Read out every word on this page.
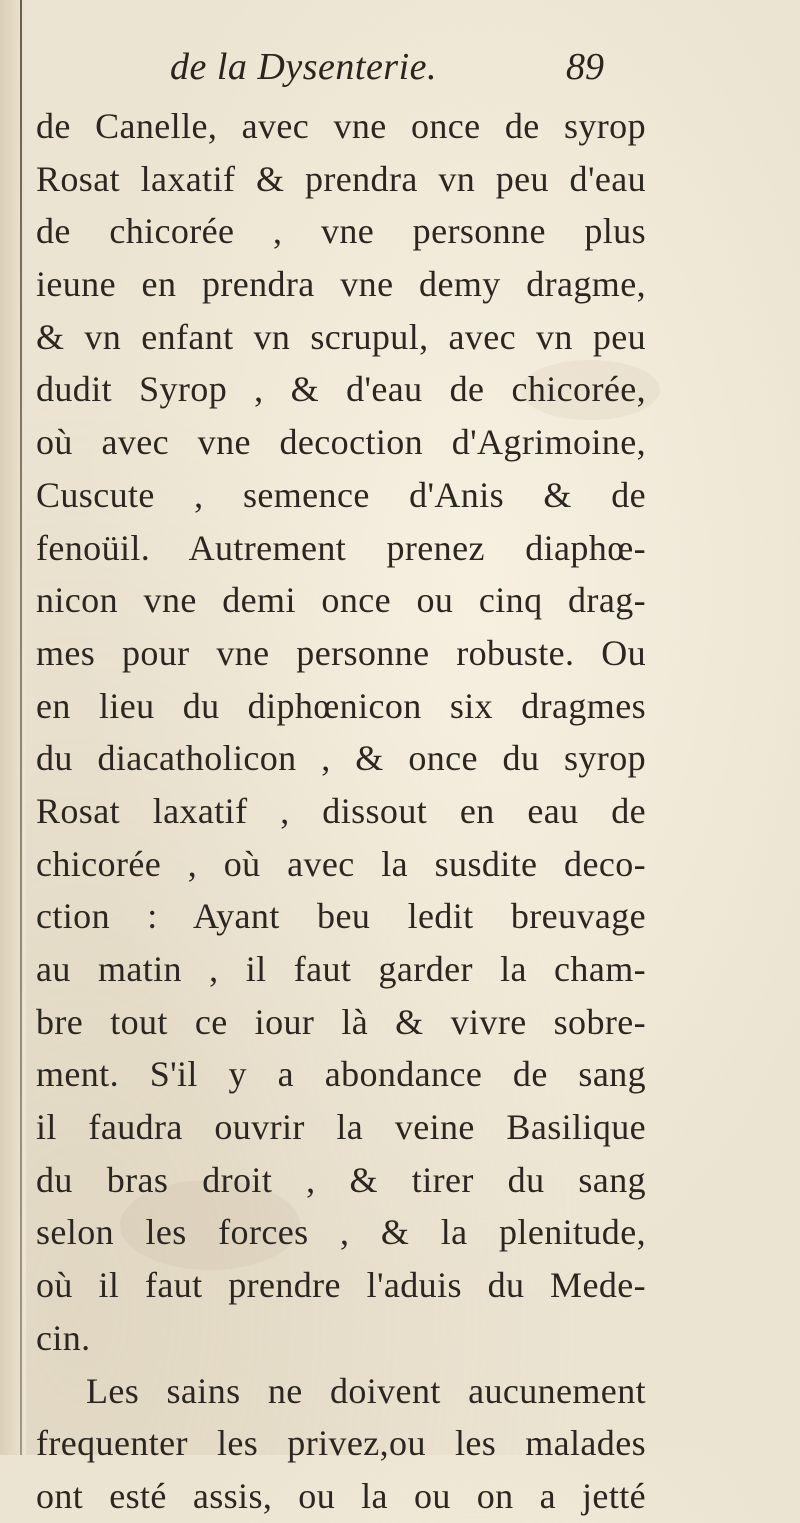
de la Dysenterie.	89
de Canelle, avec vne once de syrop
Rosat laxatif & prendra vn peu d'eau
de chicorée , vne personne plus
ieune en prendra vne demy dragme,
& vn enfant vn scrupul, avec vn peu
dudit Syrop , & d'eau de chicorée,
où avec vne decoction d'Agrimoine,
Cuscute , semence d'Anis & de
fenoüil. Autrement prenez diaphœ-
nicon vne demi once ou cinq drag-
mes pour vne personne robuste. Ou
en lieu du diphœnicon six dragmes
du diacatholicon , & once du syrop
Rosat laxatif , dissout en eau de
chicorée , où avec la susdite deco-
ction : Ayant beu ledit breuvage
au matin , il faut garder la cham-
bre tout ce iour là & vivre sobre-
ment. S'il y a abondance de sang
il faudra ouvrir la veine Basilique
du bras droit , & tirer du sang
selon les forces , & la plenitude,
où il faut prendre l'aduis du Mede-
cin.
Les sains ne doivent aucunement
frequenter les privez,ou les malades
ont esté assis, ou la ou on a jetté
